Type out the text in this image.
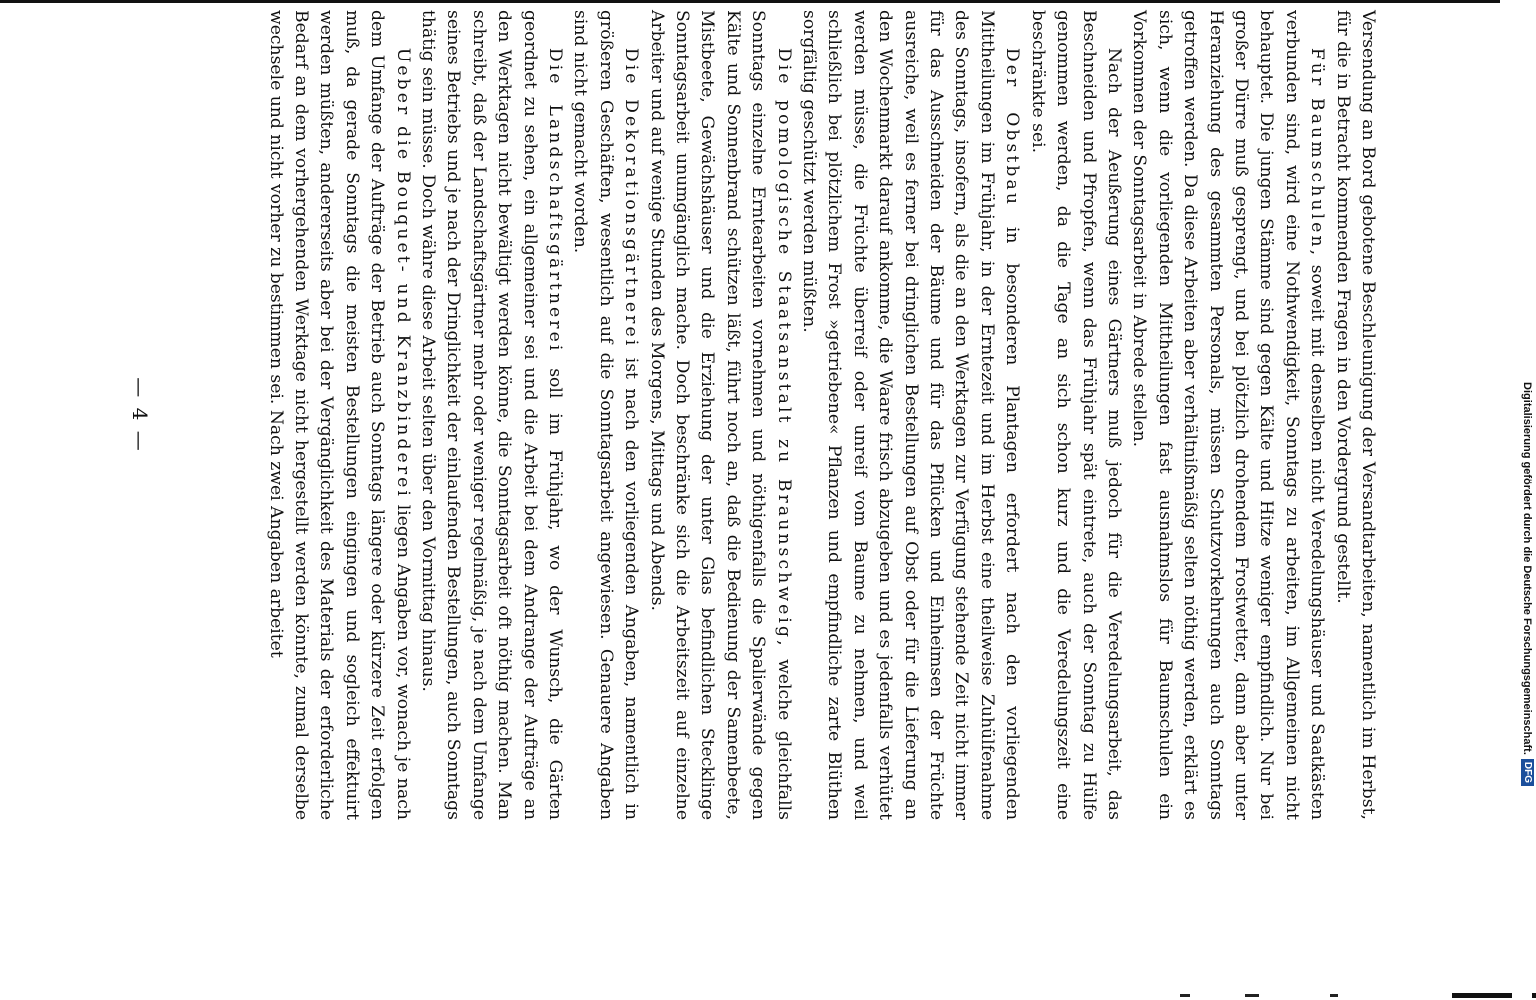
Versendung an Bord gebotene Beschleunigung der Versandtarbeiten, namentlich im Herbst, für die in Betracht kommenden Fragen in den Vordergrund gestellt.

Für Baumschulen, soweit mit denselben nicht Veredelungshäuser und Saatkästen verbunden sind, wird eine Nothwendigkeit, Sonntags zu arbeiten, im Allgemeinen nicht behauptet. Die jungen Stämme sind gegen Kälte und Hitze weniger empfindlich. Nur bei großer Dürre muß gesprengt, und bei plötzlich drohendem Frostwetter, dann aber unter Heranziehung des gesammten Personals, müssen Schutzvorkehrungen auch Sonntags getroffen werden. Da diese Arbeiten aber verhältnißmäßig selten nöthig werden, erklärt es sich, wenn die vorliegenden Mittheilungen fast ausnahmslos für Baumschulen ein Vorkommen der Sonntagsarbeit in Abrede stellen.

Nach der Aeußerung eines Gärtners muß jedoch für die Veredelungsarbeit, das Beschneiden und Pfropfen, wenn das Frühjahr spät eintrete, auch der Sonntag zu Hülfe genommen werden, da die Tage an sich schon kurz und die Veredelungszeit eine beschränkte sei.

Der Obstbau in besonderen Plantagen erfordert nach den vorliegenden Mittheilungen im Frühjahr, in der Erntezeit und im Herbst eine theilweise Zuhülfenahme des Sonntags, insofern, als die an den Werktagen zur Verfügung stehende Zeit nicht immer für das Ausschneiden der Bäume und für das Pflücken und Einheimsen der Früchte ausreiche, weil es ferner bei dringlichen Bestellungen auf Obst oder für die Lieferung an den Wochenmarkt darauf ankomme, die Waare frisch abzugeben und es jedenfalls verhütet werden müsse, die Früchte überreif oder unreif vom Baume zu nehmen, und weil schließlich bei plötzlichem Frost »getriebene« Pflanzen und empfindliche zarte Blüthen sorgfältig geschützt werden müßten.

Die pomologische Staatsanstalt zu Braunschweig, welche gleichfalls Sonntags einzelne Erntearbeiten vornehmen und nöthigenfalls die Spalierwände gegen Kälte und Sonnenbrand schützen läßt, führt noch an, daß die Bedienung der Samenbeete, Mistbeete, Gewächshäuser und die Erziehung der unter Glas befindlichen Stecklinge Sonntagsarbeit unumgänglich mache. Doch beschränke sich die Arbeitszeit auf einzelne Arbeiter und auf wenige Stunden des Morgens, Mittags und Abends.

Die Dekorationsgärtnerei ist nach den vorliegenden Angaben, namentlich in größeren Geschäften, wesentlich auf die Sonntagsarbeit angewiesen. Genauere Angaben sind nicht gemacht worden.

Die Landschaftsgärtnerei soll im Frühjahr, wo der Wunsch, die Gärten geordnet zu sehen, ein allgemeiner sei und die Arbeit bei dem Andrange der Aufträge an den Werktagen nicht bewältigt werden könne, die Sonntagsarbeit oft nöthig machen. Man schreibt, daß der Landschaftsgärtner mehr oder weniger regelmäßig, je nach dem Umfange seines Betriebs und je nach der Dringlichkeit der einlaufenden Bestellungen, auch Sonntags thätig sein müsse. Doch währe diese Arbeit selten über den Vormittag hinaus.

Ueber die Bouquet- und Kranzbinderei liegen Angaben vor, wonach je nach dem Umfange der Aufträge der Betrieb auch Sonntags längere oder kürzere Zeit erfolgen muß, da gerade Sonntags die meisten Bestellungen eingingen und sogleich effektuirt werden müßten, andererseits aber bei der Vergänglichkeit des Materials der erforderliche Bedarf an dem vorhergehenden Werktage nicht hergestellt werden könnte, zumal derselbe wechsele und nicht vorher zu bestimmen sei. Nach zwei Angaben arbeitet

— 4 —	Digitalisierung gefördert durch die Deutsche Forschungsgemeinschaft.
DFG
